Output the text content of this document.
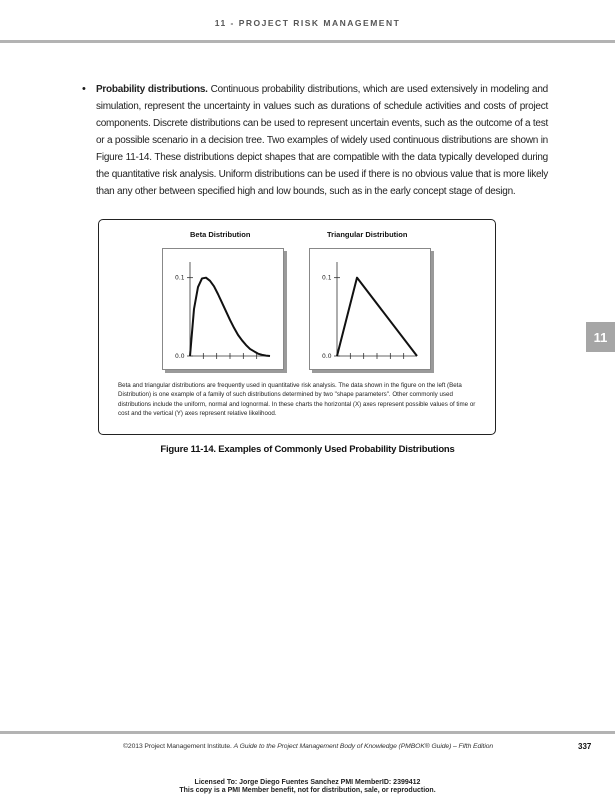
11 - PROJECT RISK MANAGEMENT
• Probability distributions. Continuous probability distributions, which are used extensively in modeling and simulation, represent the uncertainty in values such as durations of schedule activities and costs of project components. Discrete distributions can be used to represent uncertain events, such as the outcome of a test or a possible scenario in a decision tree. Two examples of widely used continuous distributions are shown in Figure 11-14. These distributions depict shapes that are compatible with the data typically developed during the quantitative risk analysis. Uniform distributions can be used if there is no obvious value that is more likely than any other between specified high and low bounds, such as in the early concept stage of design.
Beta Distribution	Triangular Distribution
0.1
0.0
0.1
0.0
Beta and triangular distributions are frequently used in quantitative risk analysis. The data shown in the figure on the left (Beta Distribution) is one example of a family of such distributions determined by two "shape parameters". Other commonly used distributions include the uniform, normal and lognormal. In these charts the horizontal (X) axes represent possible values of time or cost and the vertical (Y) axes represent relative likelihood.
Figure 11-14. Examples of Commonly Used Probability Distributions
11
©2013 Project Management Institute. A Guide to the Project Management Body of Knowledge (PMBOK® Guide) – Fifth Edition	337
Licensed To: Jorge Diego Fuentes Sanchez PMI MemberID: 2399412
This copy is a PMI Member benefit, not for distribution, sale, or reproduction.
